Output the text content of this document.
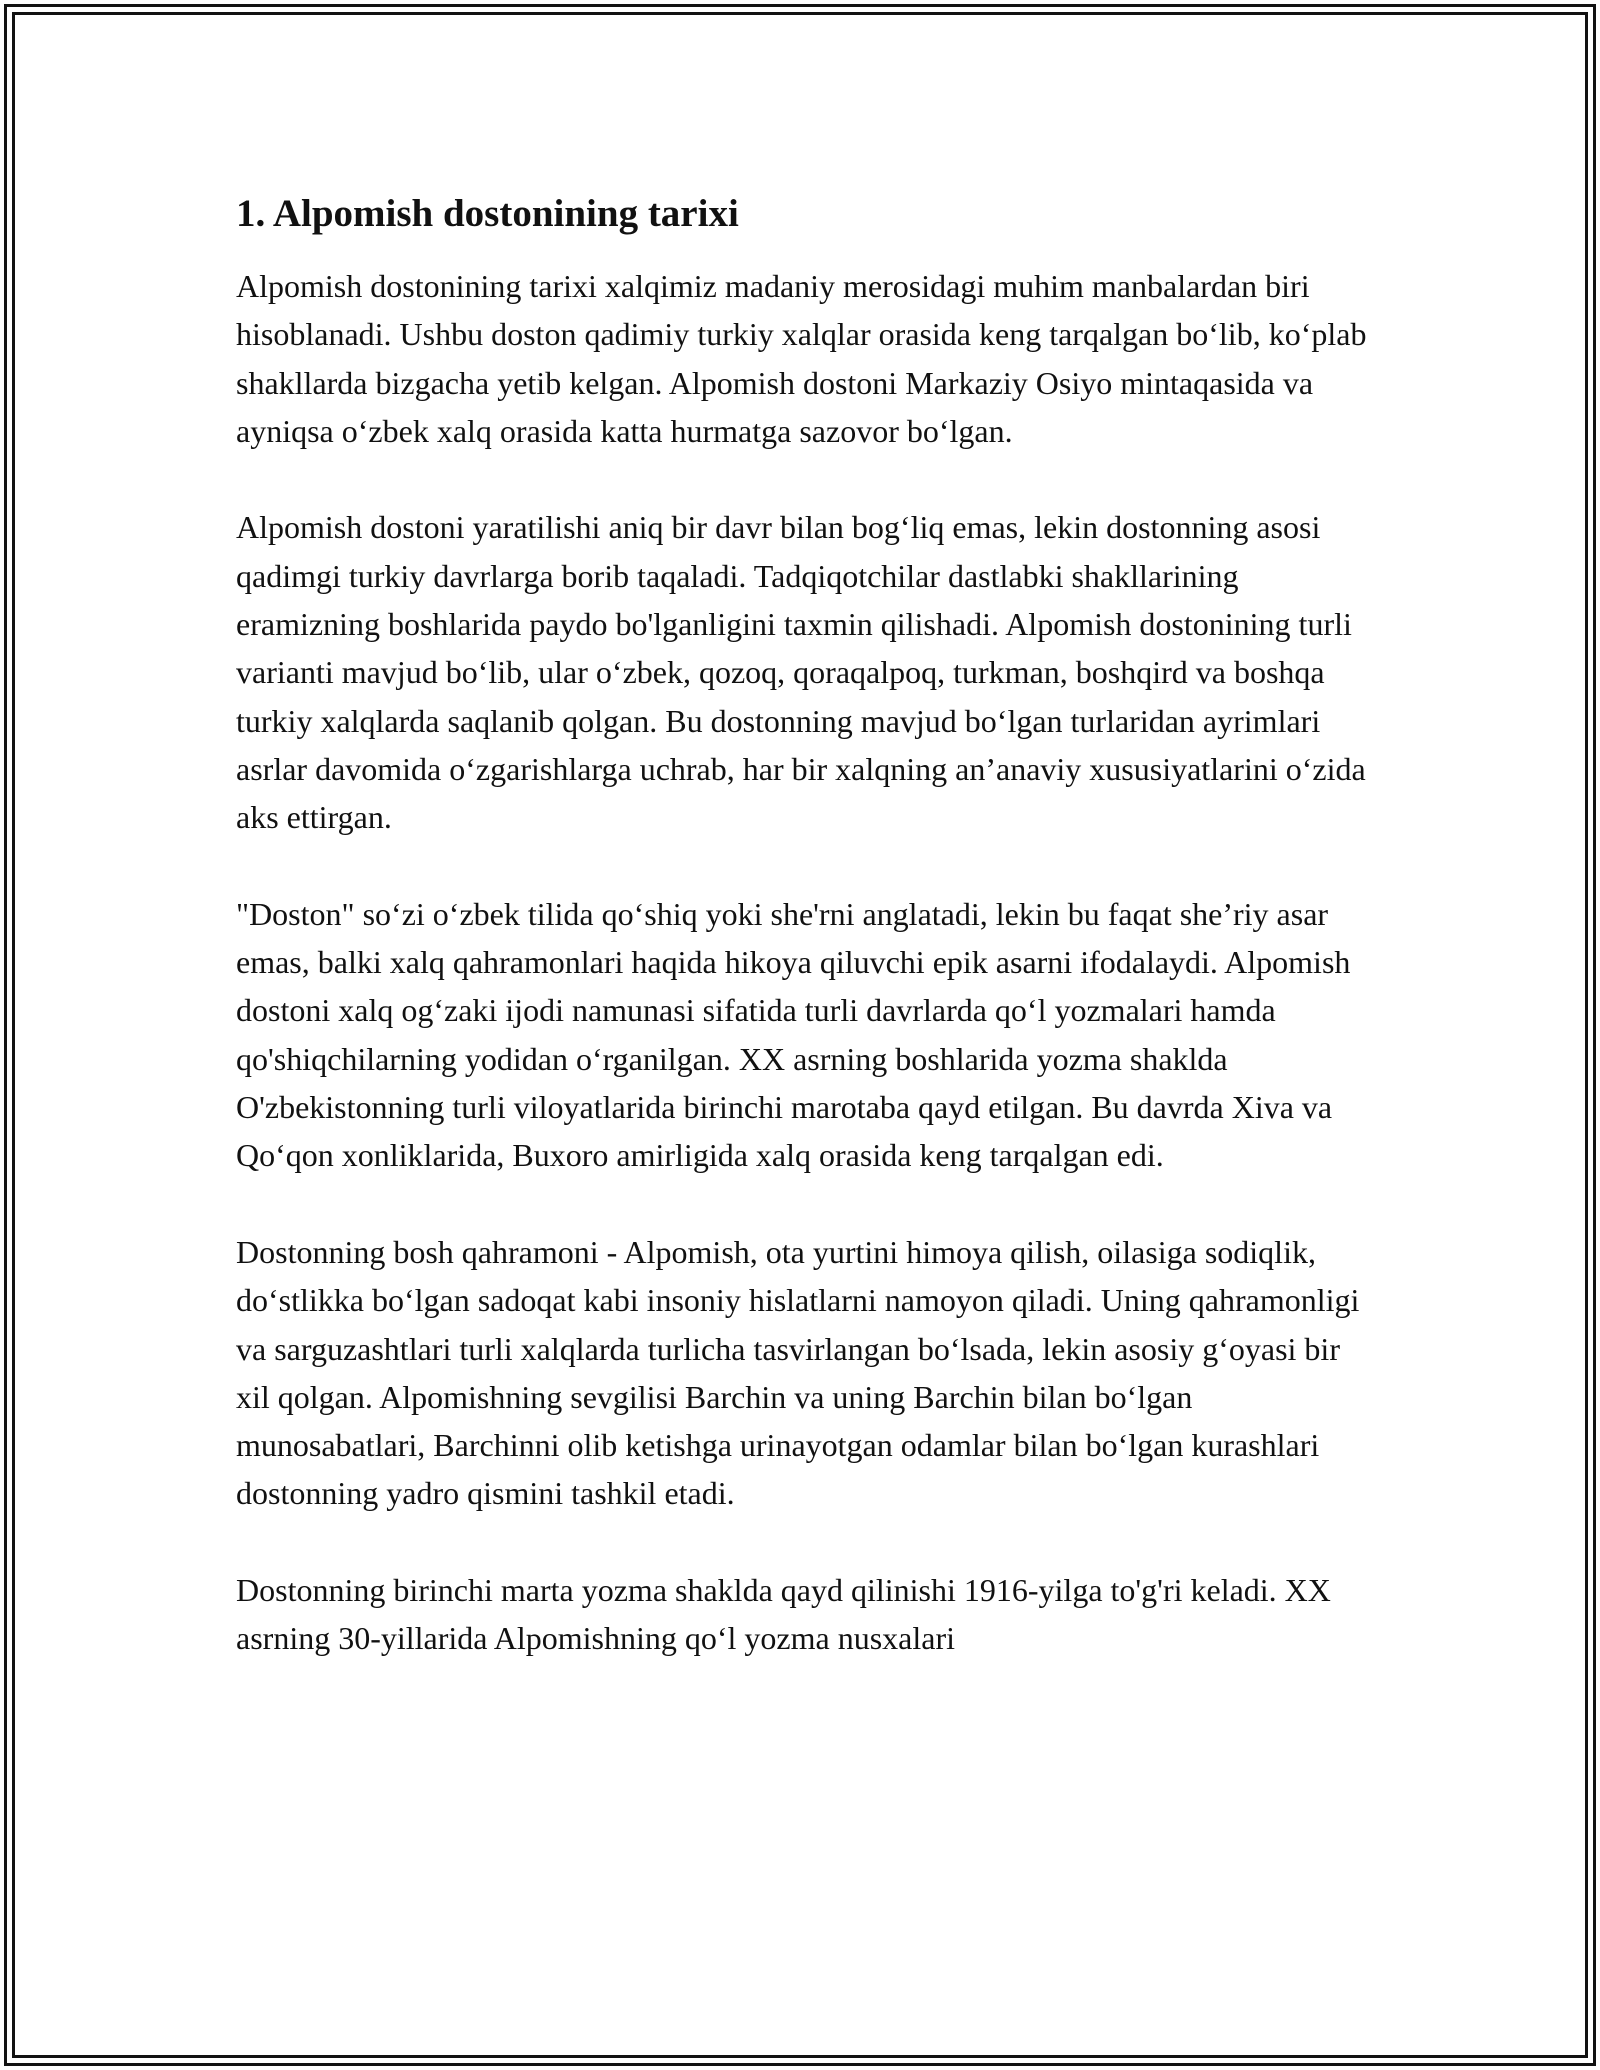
1. Alpomish dostonining tarixi

Alpomish dostonining tarixi xalqimiz madaniy merosidagi muhim manbalardan biri hisoblanadi. Ushbu doston qadimiy turkiy xalqlar orasida keng tarqalgan bo‘lib, ko‘plab shakllarda bizgacha yetib kelgan. Alpomish dostoni Markaziy Osiyo mintaqasida va ayniqsa o‘zbek xalq orasida katta hurmatga sazovor bo‘lgan.

Alpomish dostoni yaratilishi aniq bir davr bilan bog‘liq emas, lekin dostonning asosi qadimgi turkiy davrlarga borib taqaladi. Tadqiqotchilar dastlabki shakllarining eramizning boshlarida paydo bo'lganligini taxmin qilishadi. Alpomish dostonining turli varianti mavjud bo‘lib, ular o‘zbek, qozoq, qoraqalpoq, turkman, boshqird va boshqa turkiy xalqlarda saqlanib qolgan. Bu dostonning mavjud bo‘lgan turlaridan ayrimlari asrlar davomida o‘zgarishlarga uchrab, har bir xalqning an’anaviy xususiyatlarini o‘zida aks ettirgan.

"Doston" so‘zi o‘zbek tilida qo‘shiq yoki she'rni anglatadi, lekin bu faqat she’riy asar emas, balki xalq qahramonlari haqida hikoya qiluvchi epik asarni ifodalaydi. Alpomish dostoni xalq og‘zaki ijodi namunasi sifatida turli davrlarda qo‘l yozmalari hamda qo'shiqchilarning yodidan o‘rganilgan. XX asrning boshlarida yozma shaklda O'zbekistonning turli viloyatlarida birinchi marotaba qayd etilgan. Bu davrda Xiva va Qo‘qon xonliklarida, Buxoro amirligida xalq orasida keng tarqalgan edi.

Dostonning bosh qahramoni - Alpomish, ota yurtini himoya qilish, oilasiga sodiqlik, do‘stlikka bo‘lgan sadoqat kabi insoniy hislatlarni namoyon qiladi. Uning qahramonligi va sarguzashtlari turli xalqlarda turlicha tasvirlangan bo‘lsada, lekin asosiy g‘oyasi bir xil qolgan. Alpomishning sevgilisi Barchin va uning Barchin bilan bo‘lgan munosabatlari, Barchinni olib ketishga urinayotgan odamlar bilan bo‘lgan kurashlari dostonning yadro qismini tashkil etadi.

Dostonning birinchi marta yozma shaklda qayd qilinishi 1916-yilga to'g'ri keladi. XX asrning 30-yillarida Alpomishning qo‘l yozma nusxalari
